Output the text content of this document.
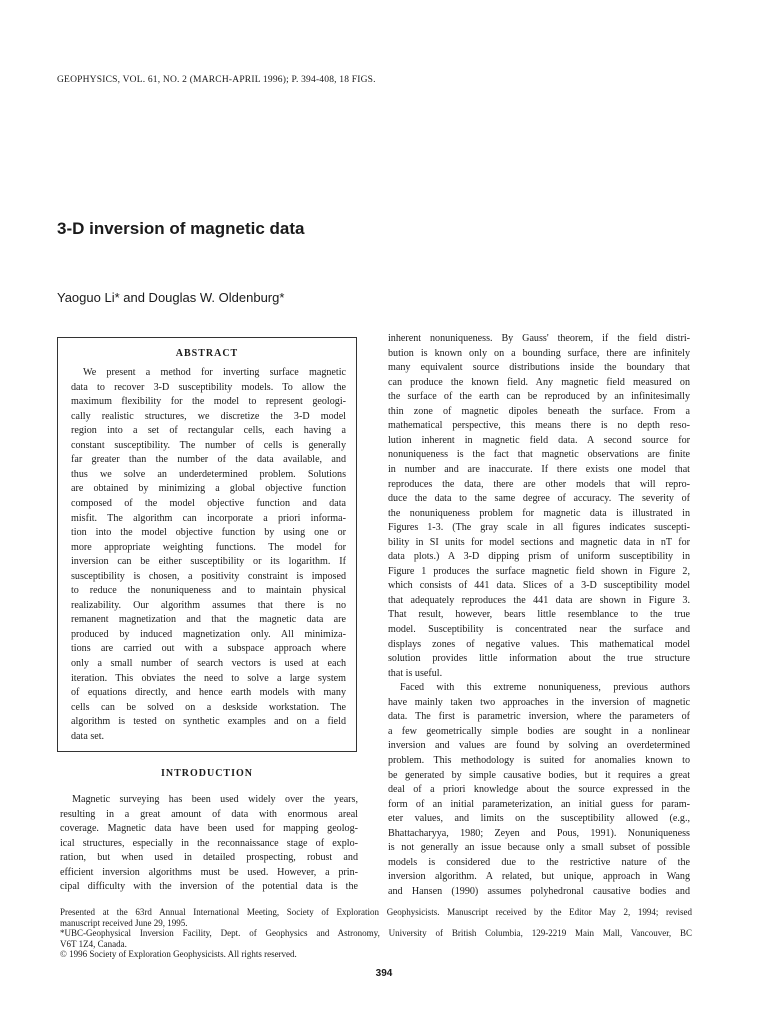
GEOPHYSICS, VOL. 61, NO. 2 (MARCH-APRIL 1996); P. 394-408, 18 FIGS.
3-D inversion of magnetic data
Yaoguo Li* and Douglas W. Oldenburg*
ABSTRACT
We present a method for inverting surface magnetic
data to recover 3-D susceptibility models. To allow the
maximum flexibility for the model to represent geologi-
cally realistic structures, we discretize the 3-D model
region into a set of rectangular cells, each having a
constant susceptibility. The number of cells is generally
far greater than the number of the data available, and
thus we solve an underdetermined problem. Solutions
are obtained by minimizing a global objective function
composed of the model objective function and data
misfit. The algorithm can incorporate a priori informa-
tion into the model objective function by using one or
more appropriate weighting functions. The model for
inversion can be either susceptibility or its logarithm. If
susceptibility is chosen, a positivity constraint is imposed
to reduce the nonuniqueness and to maintain physical
realizability. Our algorithm assumes that there is no
remanent magnetization and that the magnetic data are
produced by induced magnetization only. All minimiza-
tions are carried out with a subspace approach where
only a small number of search vectors is used at each
iteration. This obviates the need to solve a large system
of equations directly, and hence earth models with many
cells can be solved on a deskside workstation. The
algorithm is tested on synthetic examples and on a field
data set.
INTRODUCTION
Magnetic surveying has been used widely over the years,
resulting in a great amount of data with enormous areal
coverage. Magnetic data have been used for mapping geolog-
ical structures, especially in the reconnaissance stage of explo-
ration, but when used in detailed prospecting, robust and
efficient inversion algorithms must be used. However, a prin-
cipal difficulty with the inversion of the potential data is the
inherent nonuniqueness. By Gauss' theorem, if the field distri-
bution is known only on a bounding surface, there are infinitely
many equivalent source distributions inside the boundary that
can produce the known field. Any magnetic field measured on
the surface of the earth can be reproduced by an infinitesimally
thin zone of magnetic dipoles beneath the surface. From a
mathematical perspective, this means there is no depth reso-
lution inherent in magnetic field data. A second source for
nonuniqueness is the fact that magnetic observations are finite
in number and are inaccurate. If there exists one model that
reproduces the data, there are other models that will repro-
duce the data to the same degree of accuracy. The severity of
the nonuniqueness problem for magnetic data is illustrated in
Figures 1-3. (The gray scale in all figures indicates suscepti-
bility in SI units for model sections and magnetic data in nT for
data plots.) A 3-D dipping prism of uniform susceptibility in
Figure 1 produces the surface magnetic field shown in Figure 2,
which consists of 441 data. Slices of a 3-D susceptibility model
that adequately reproduces the 441 data are shown in Figure 3.
That result, however, bears little resemblance to the true
model. Susceptibility is concentrated near the surface and
displays zones of negative values. This mathematical model
solution provides little information about the true structure
that is useful.
Faced with this extreme nonuniqueness, previous authors
have mainly taken two approaches in the inversion of magnetic
data. The first is parametric inversion, where the parameters of
a few geometrically simple bodies are sought in a nonlinear
inversion and values are found by solving an overdetermined
problem. This methodology is suited for anomalies known to
be generated by simple causative bodies, but it requires a great
deal of a priori knowledge about the source expressed in the
form of an initial parameterization, an initial guess for param-
eter values, and limits on the susceptibility allowed (e.g.,
Bhattacharyya, 1980; Zeyen and Pous, 1991). Nonuniqueness
is not generally an issue because only a small subset of possible
models is considered due to the restrictive nature of the
inversion algorithm. A related, but unique, approach in Wang
and Hansen (1990) assumes polyhedronal causative bodies and
Presented at the 63rd Annual International Meeting, Society of Exploration Geophysicists. Manuscript received by the Editor May 2, 1994; revised
manuscript received June 29, 1995.
*UBC-Geophysical Inversion Facility, Dept. of Geophysics and Astronomy, University of British Columbia, 129-2219 Main Mall, Vancouver, BC
V6T 1Z4, Canada.
© 1996 Society of Exploration Geophysicists. All rights reserved.
394
